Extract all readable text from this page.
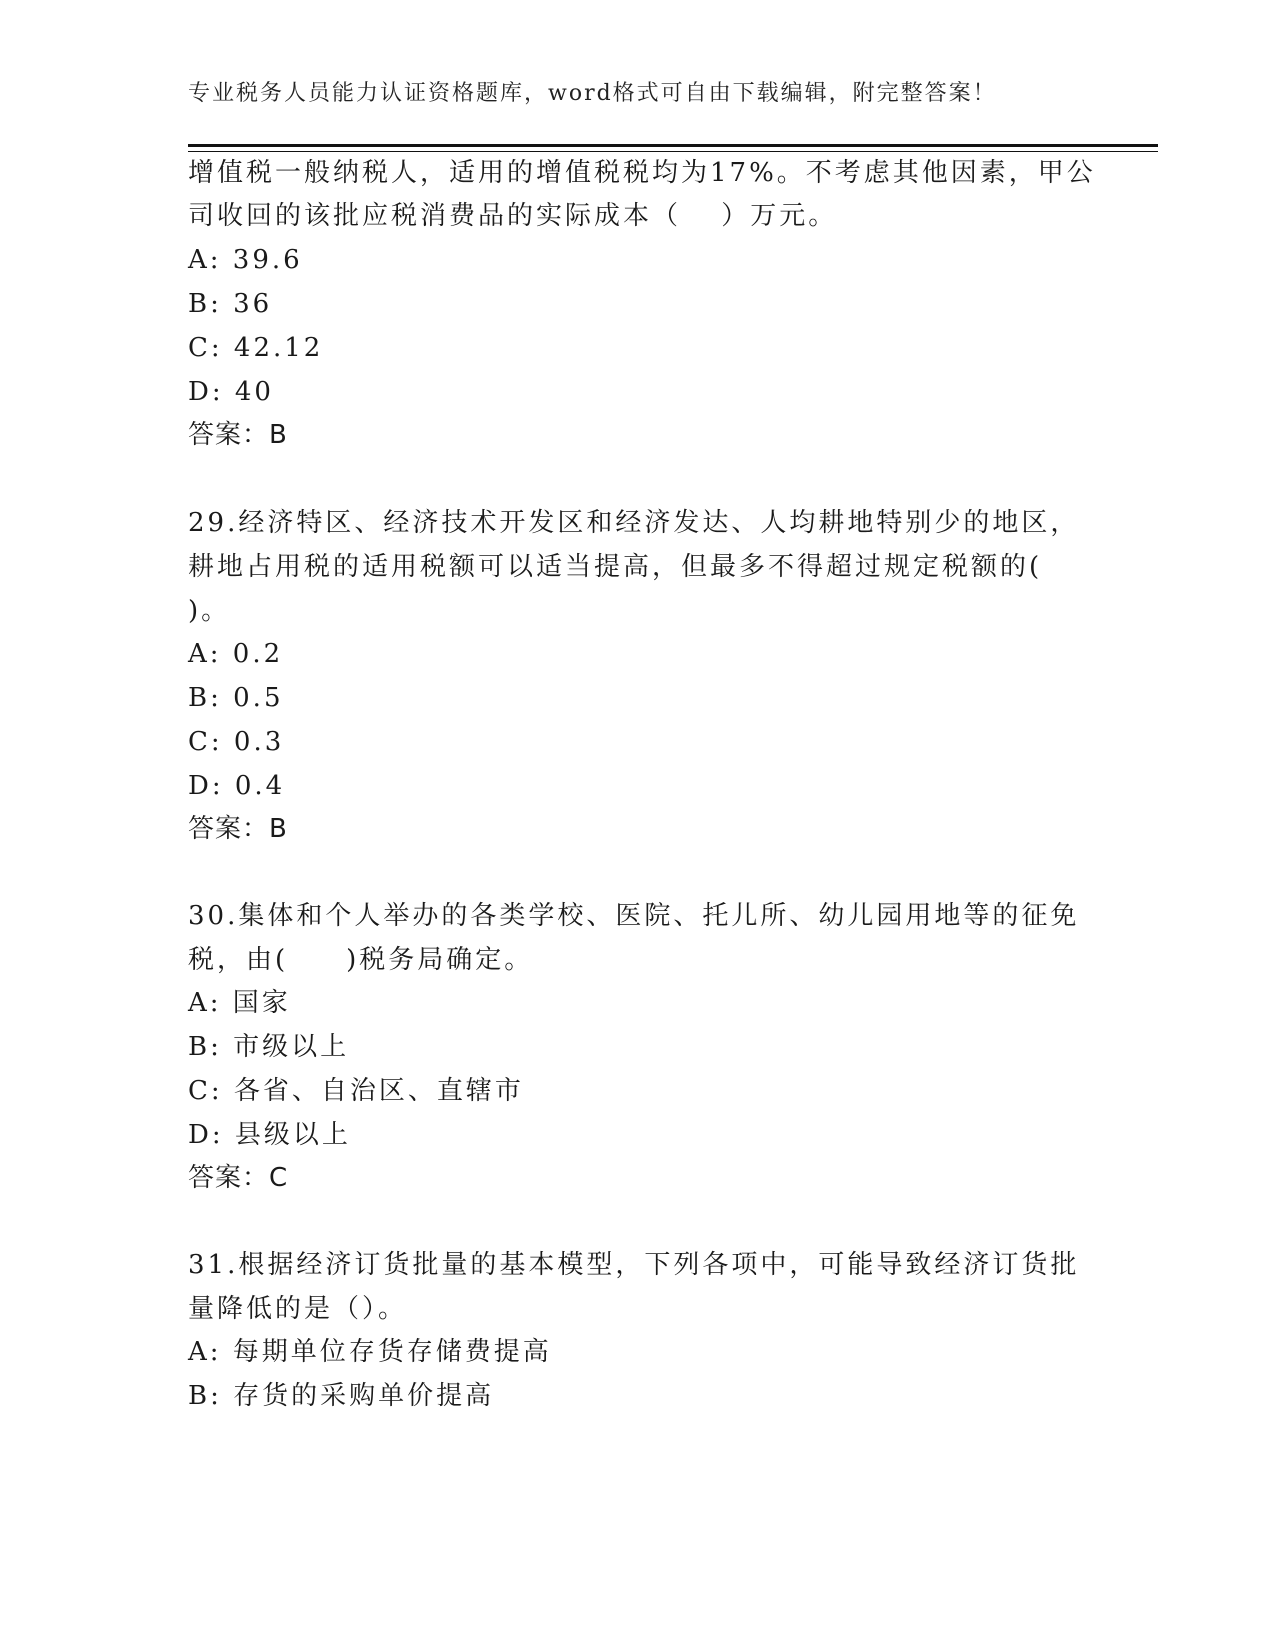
专业税务人员能力认证资格题库，word格式可自由下载编辑，附完整答案！
增值税一般纳税人，适用的增值税税均为17%。不考虑其他因素，甲公
司收回的该批应税消费品的实际成本（　 ）万元。
A: 39.6
B: 36
C: 42.12
D: 40
答案：B
29.经济特区、经济技术开发区和经济发达、人均耕地特别少的地区，
耕地占用税的适用税额可以适当提高，但最多不得超过规定税额的(
)。
A: 0.2
B: 0.5
C: 0.3
D: 0.4
答案：B
30.集体和个人举办的各类学校、医院、托儿所、幼儿园用地等的征免
税，由(　　)税务局确定。
A: 国家
B: 市级以上
C: 各省、自治区、直辖市
D: 县级以上
答案：C
31.根据经济订货批量的基本模型，下列各项中，可能导致经济订货批
量降低的是（）。
A: 每期单位存货存储费提高
B: 存货的采购单价提高
